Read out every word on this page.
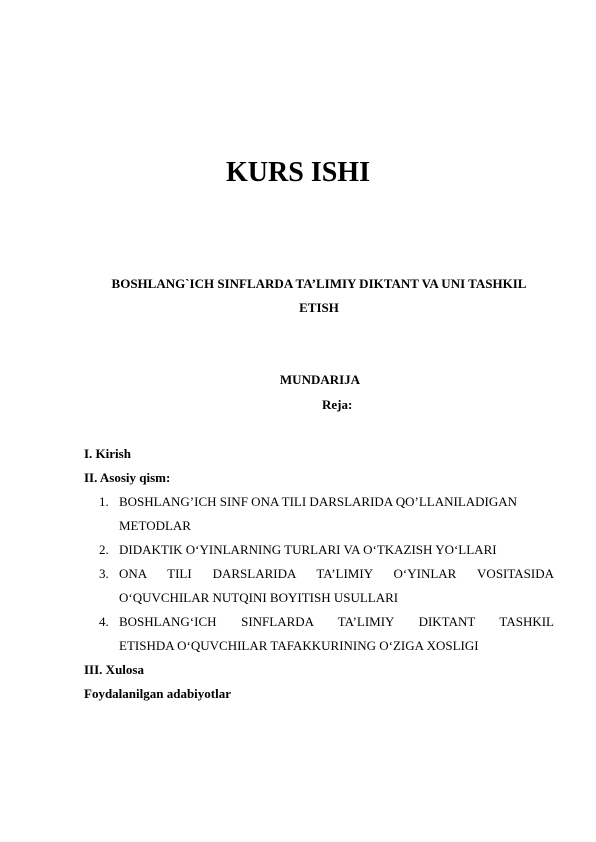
KURS ISHI
BOSHLANG`ICH SINFLARDA TA’LIMIY DIKTANT VA UNI TASHKIL
ETISH
MUNDARIJA
Reja:
I. Kirish
II. Asosiy qism:
1. BOSHLANG’ICH SINF ONA TILI DARSLARIDA QO’LLANILADIGAN
METODLAR
2. DIDAKTIK O‘YINLARNING TURLARI VA O‘TKAZISH YO‘LLARI
3. ONA TILI DARSLARIDA TA’LIMIY O‘YINLAR VOSITASIDA
O‘QUVCHILAR NUTQINI BOYITISH USULLARI
4. BOSHLANG‘ICH SINFLARDA TA’LIMIY DIKTANT TASHKIL
ETISHDA O‘QUVCHILAR TAFAKKURINING O‘ZIGA XOSLIGI
III. Xulosa
Foydalanilgan adabiyotlar
